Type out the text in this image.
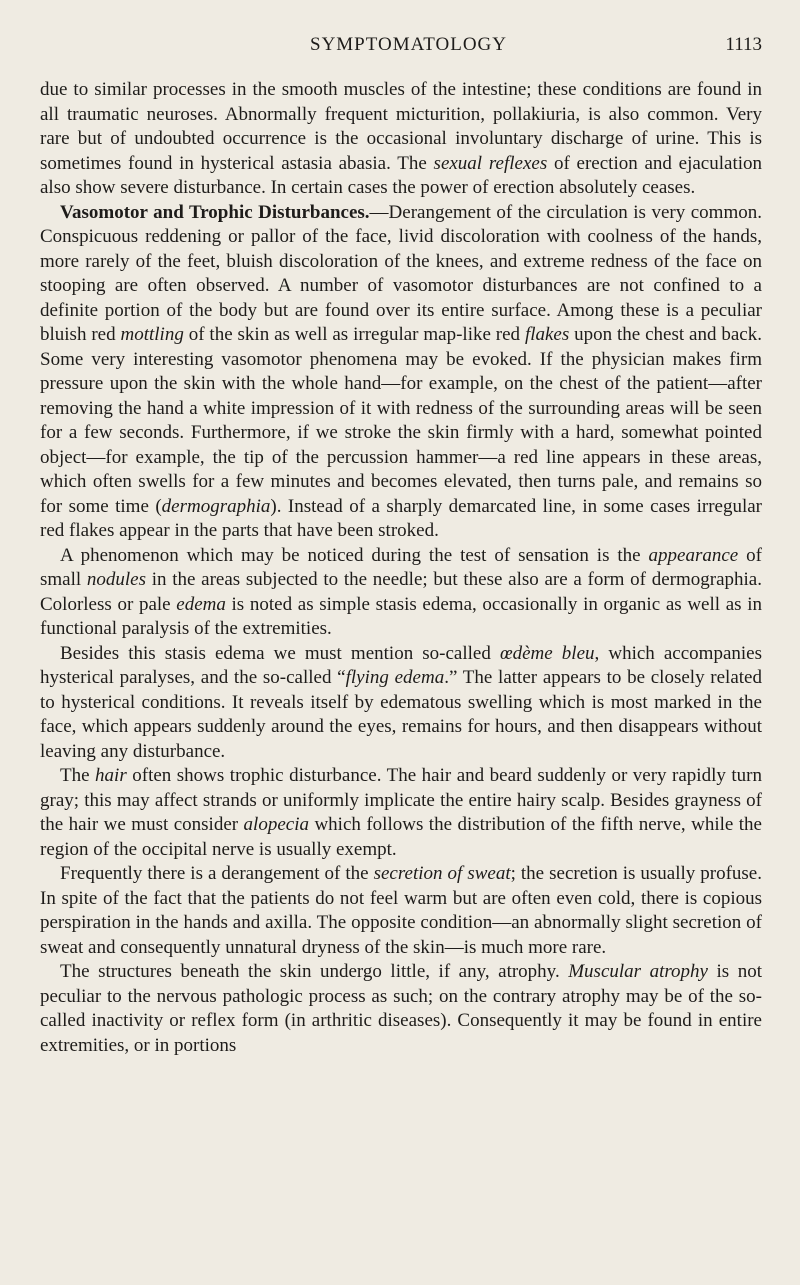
SYMPTOMATOLOGY	1113

due to similar processes in the smooth muscles of the intestine; these conditions are found in all traumatic neuroses. Abnormally frequent micturition, pollakiuria, is also common. Very rare but of undoubted occurrence is the occasional involuntary discharge of urine. This is sometimes found in hysterical astasia abasia. The sexual reflexes of erection and ejaculation also show severe disturbance. In certain cases the power of erection absolutely ceases.

Vasomotor and Trophic Disturbances.—Derangement of the circulation is very common. Conspicuous reddening or pallor of the face, livid discoloration with coolness of the hands, more rarely of the feet, bluish discoloration of the knees, and extreme redness of the face on stooping are often observed. A number of vasomotor disturbances are not confined to a definite portion of the body but are found over its entire surface. Among these is a peculiar bluish red mottling of the skin as well as irregular map-like red flakes upon the chest and back. Some very interesting vasomotor phenomena may be evoked. If the physician makes firm pressure upon the skin with the whole hand—for example, on the chest of the patient—after removing the hand a white impression of it with redness of the surrounding areas will be seen for a few seconds. Furthermore, if we stroke the skin firmly with a hard, somewhat pointed object—for example, the tip of the percussion hammer—a red line appears in these areas, which often swells for a few minutes and becomes elevated, then turns pale, and remains so for some time (dermographia). Instead of a sharply demarcated line, in some cases irregular red flakes appear in the parts that have been stroked.

A phenomenon which may be noticed during the test of sensation is the appearance of small nodules in the areas subjected to the needle; but these also are a form of dermographia. Colorless or pale edema is noted as simple stasis edema, occasionally in organic as well as in functional paralysis of the extremities.

Besides this stasis edema we must mention so-called œdème bleu, which accompanies hysterical paralyses, and the so-called “flying edema.” The latter appears to be closely related to hysterical conditions. It reveals itself by edematous swelling which is most marked in the face, which appears suddenly around the eyes, remains for hours, and then disappears without leaving any disturbance.

The hair often shows trophic disturbance. The hair and beard suddenly or very rapidly turn gray; this may affect strands or uniformly implicate the entire hairy scalp. Besides grayness of the hair we must consider alopecia which follows the distribution of the fifth nerve, while the region of the occipital nerve is usually exempt.

Frequently there is a derangement of the secretion of sweat; the secretion is usually profuse. In spite of the fact that the patients do not feel warm but are often even cold, there is copious perspiration in the hands and axilla. The opposite condition—an abnormally slight secretion of sweat and consequently unnatural dryness of the skin—is much more rare.

The structures beneath the skin undergo little, if any, atrophy. Muscular atrophy is not peculiar to the nervous pathologic process as such; on the contrary atrophy may be of the so-called inactivity or reflex form (in arthritic diseases). Consequently it may be found in entire extremities, or in portions
